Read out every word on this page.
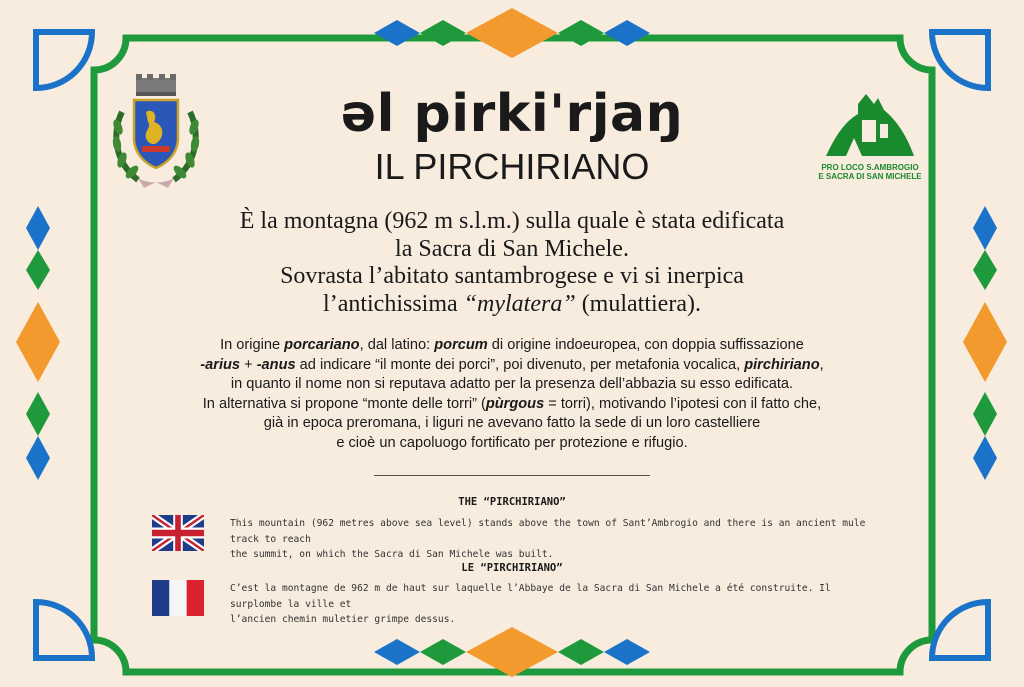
PRO LOCO S.AMBROGIO
E SACRA DI SAN MICHELE
əl pirki'rjaŋ
IL PIRCHIRIANO
È la montagna (962 m s.l.m.) sulla quale è stata edificata
la Sacra di San Michele.
Sovrasta l’abitato santambrogese e vi si inerpica
l’antichissima “mylatera” (mulattiera).
In origine porcariano, dal latino: porcum di origine indoeuropea, con doppia suffissazione
-arius + -anus ad indicare “il monte dei porci”, poi divenuto, per metafonia vocalica, pirchiriano,
in quanto il nome non si reputava adatto per la presenza dell’abbazia su esso edificata.
In alternativa si propone “monte delle torri” (pùrgous = torri), motivando l’ipotesi con il fatto che,
già in epoca preromana, i liguri ne avevano fatto la sede di un loro castelliere
e cioè un capoluogo fortificato per protezione e rifugio.
THE “PIRCHIRIANO”
This mountain (962 metres above sea level) stands above the town of Sant’Ambrogio and there is an ancient mule track to reach
the summit, on which the Sacra di San Michele was built.
LE “PIRCHIRIANO”
C’est la montagne de 962 m de haut sur laquelle l’Abbaye de la Sacra di San Michele a été construite. Il surplombe la ville et
l’ancien chemin muletier grimpe dessus.
